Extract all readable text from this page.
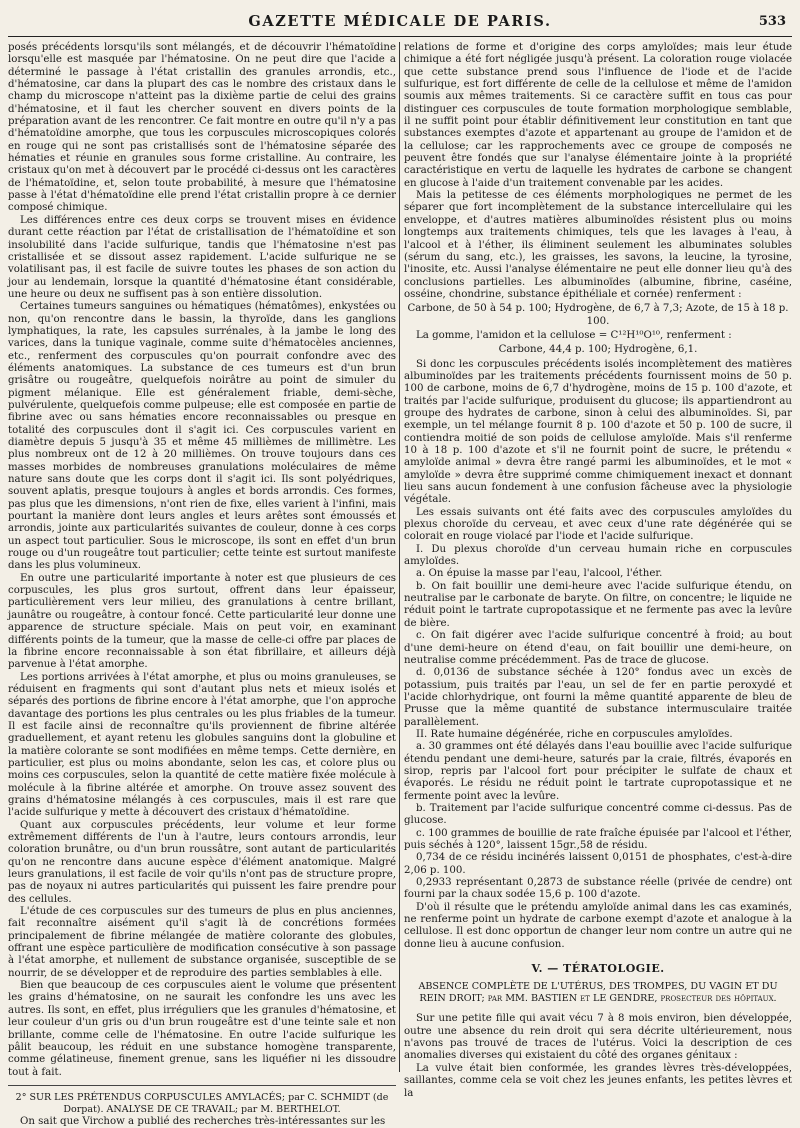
GAZETTE MÉDICALE DE PARIS.	533

posés précédents lorsqu'ils sont mélangés, et de découvrir l'hématoïdine lorsqu'elle est masquée par l'hématosine. On ne peut dire que l'acide a déterminé le passage à l'état cristallin des granules arrondis, etc., d'hématosine, car dans la plupart des cas le nombre des cristaux dans le champ du microscope n'atteint pas la dixième partie de celui des grains d'hématosine, et il faut les chercher souvent en divers points de la préparation avant de les rencontrer. Ce fait montre en outre qu'il n'y a pas d'hématoïdine amorphe, que tous les corpuscules microscopiques colorés en rouge qui ne sont pas cristallisés sont de l'hématosine séparée des hématies et réunie en granules sous forme cristalline. Au contraire, les cristaux qu'on met à découvert par le procédé ci-dessus ont les caractères de l'hématoïdine, et, selon toute probabilité, à mesure que l'hématosine passe à l'état d'hématoïdine elle prend l'état cristallin propre à ce dernier composé chimique.

Les différences entre ces deux corps se trouvent mises en évidence durant cette réaction par l'état de cristallisation de l'hématoïdine et son insolubilité dans l'acide sulfurique, tandis que l'hématosine n'est pas cristallisée et se dissout assez rapidement. L'acide sulfurique ne se volatilisant pas, il est facile de suivre toutes les phases de son action du jour au lendemain, lorsque la quantité d'hématosine étant considérable, une heure ou deux ne suffisent pas à son entière dissolution.

Certaines tumeurs sanguines ou hématiques (hématômes), enkystées ou non, qu'on rencontre dans le bassin, la thyroïde, dans les ganglions lymphatiques, la rate, les capsules surrénales, à la jambe le long des varices, dans la tunique vaginale, comme suite d'hématocèles anciennes, etc., renferment des corpuscules qu'on pourrait confondre avec des éléments anatomiques. La substance de ces tumeurs est d'un brun grisâtre ou rougeâtre, quelquefois noirâtre au point de simuler du pigment mélanique. Elle est généralement friable, demi-sèche, pulvérulente, quelquefois comme pulpeuse; elle est composée en partie de fibrine avec ou sans hématies encore reconnaissables ou presque en totalité des corpuscules dont il s'agit ici. Ces corpuscules varient en diamètre depuis 5 jusqu'à 35 et même 45 millièmes de millimètre. Les plus nombreux ont de 12 à 20 millièmes. On trouve toujours dans ces masses morbides de nombreuses granulations moléculaires de même nature sans doute que les corps dont il s'agit ici. Ils sont polyédriques, souvent aplatis, presque toujours à angles et bords arrondis. Ces formes, pas plus que les dimensions, n'ont rien de fixe, elles varient à l'infini, mais pourtant la manière dont leurs angles et leurs arêtes sont émoussés et arrondis, jointe aux particularités suivantes de couleur, donne à ces corps un aspect tout particulier. Sous le microscope, ils sont en effet d'un brun rouge ou d'un rougeâtre tout particulier; cette teinte est surtout manifeste dans les plus volumineux.

En outre une particularité importante à noter est que plusieurs de ces corpuscules, les plus gros surtout, offrent dans leur épaisseur, particulièrement vers leur milieu, des granulations à centre brillant, jaunâtre ou rougeâtre, à contour foncé. Cette particularité leur donne une apparence de structure spéciale. Mais on peut voir, en examinant différents points de la tumeur, que la masse de celle-ci offre par places de la fibrine encore reconnaissable à son état fibrillaire, et ailleurs déjà parvenue à l'état amorphe.

Les portions arrivées à l'état amorphe, et plus ou moins granuleuses, se réduisent en fragments qui sont d'autant plus nets et mieux isolés et séparés des portions de fibrine encore à l'état amorphe, que l'on approche davantage des portions les plus centrales ou les plus friables de la tumeur. Il est facile ainsi de reconnaître qu'ils proviennent de fibrine altérée graduellement, et ayant retenu les globules sanguins dont la globuline et la matière colorante se sont modifiées en même temps. Cette dernière, en particulier, est plus ou moins abondante, selon les cas, et colore plus ou moins ces corpuscules, selon la quantité de cette matière fixée molécule à molécule à la fibrine altérée et amorphe. On trouve assez souvent des grains d'hématosine mélangés à ces corpuscules, mais il est rare que l'acide sulfurique y mette à découvert des cristaux d'hématoïdine.

Quant aux corpuscules précédents, leur volume et leur forme extrêmement différents de l'un à l'autre, leurs contours arrondis, leur coloration brunâtre, ou d'un brun roussâtre, sont autant de particularités qu'on ne rencontre dans aucune espèce d'élément anatomique. Malgré leurs granulations, il est facile de voir qu'ils n'ont pas de structure propre, pas de noyaux ni autres particularités qui puissent les faire prendre pour des cellules.

L'étude de ces corpuscules sur des tumeurs de plus en plus anciennes, fait reconnaître aisément qu'il s'agit là de concrétions formées principalement de fibrine mélangée de matière colorante des globules, offrant une espèce particulière de modification consécutive à son passage à l'état amorphe, et nullement de substance organisée, susceptible de se nourrir, de se développer et de reproduire des parties semblables à elle.

Bien que beaucoup de ces corpuscules aient le volume que présentent les grains d'hématosine, on ne saurait les confondre les uns avec les autres. Ils sont, en effet, plus irréguliers que les granules d'hématosine, et leur couleur d'un gris ou d'un brun rougeâtre est d'une teinte sale et non brillante, comme celle de l'hématosine. En outre l'acide sulfurique les pâlit beaucoup, les réduit en une substance homogène transparente, comme gélatineuse, finement grenue, sans les liquéfier ni les dissoudre tout à fait.

2° SUR LES PRÉTENDUS CORPUSCULES AMYLACÉS; par C. SCHMIDT (de Dorpat). ANALYSE DE CE TRAVAIL; par M. BERTHELOT.

On sait que Virchow a publié des recherches très-intéressantes sur les

relations de forme et d'origine des corps amyloïdes; mais leur étude chimique a été fort négligée jusqu'à présent. La coloration rouge violacée que cette substance prend sous l'influence de l'iode et de l'acide sulfurique, est fort différente de celle de la cellulose et même de l'amidon soumis aux mêmes traitements. Si ce caractère suffit en tous cas pour distinguer ces corpuscules de toute formation morphologique semblable, il ne suffit point pour établir définitivement leur constitution en tant que substances exemptes d'azote et appartenant au groupe de l'amidon et de la cellulose; car les rapprochements avec ce groupe de composés ne peuvent être fondés que sur l'analyse élémentaire jointe à la propriété caractéristique en vertu de laquelle les hydrates de carbone se changent en glucose à l'aide d'un traitement convenable par les acides.

Mais la petitesse de ces éléments morphologiques ne permet de les séparer que fort incomplètement de la substance intercellulaire qui les enveloppe, et d'autres matières albuminoïdes résistent plus ou moins longtemps aux traitements chimiques, tels que les lavages à l'eau, à l'alcool et à l'éther, ils éliminent seulement les albuminates solubles (sérum du sang, etc.), les graisses, les savons, la leucine, la tyrosine, l'inosite, etc. Aussi l'analyse élémentaire ne peut elle donner lieu qu'à des conclusions partielles. Les albuminoïdes (albumine, fibrine, caséine, osséine, chondrine, substance épithéliale et cornée) renferment :

Carbone, de 50 à 54 p. 100; Hydrogène, de 6,7 à 7,3; Azote, de 15 à 18 p. 100.

La gomme, l'amidon et la cellulose = C¹²H¹⁰O¹⁰, renferment :

Carbone, 44,4 p. 100; Hydrogène, 6,1.

Si donc les corpuscules précédents isolés incomplètement des matières albuminoïdes par les traitements précédents fournissent moins de 50 p. 100 de carbone, moins de 6,7 d'hydrogène, moins de 15 p. 100 d'azote, et traités par l'acide sulfurique, produisent du glucose; ils appartiendront au groupe des hydrates de carbone, sinon à celui des albuminoïdes. Si, par exemple, un tel mélange fournit 8 p. 100 d'azote et 50 p. 100 de sucre, il contiendra moitié de son poids de cellulose amyloïde. Mais s'il renferme 10 à 18 p. 100 d'azote et s'il ne fournit point de sucre, le prétendu « amyloïde animal » devra être rangé parmi les albuminoïdes, et le mot « amyloïde » devra être supprimé comme chimiquement inexact et donnant lieu sans aucun fondement à une confusion fâcheuse avec la physiologie végétale.

Les essais suivants ont été faits avec des corpuscules amyloïdes du plexus choroïde du cerveau, et avec ceux d'une rate dégénérée qui se colorait en rouge violacé par l'iode et l'acide sulfurique.

I. Du plexus choroïde d'un cerveau humain riche en corpuscules amyloïdes.

a. On épuise la masse par l'eau, l'alcool, l'éther.

b. On fait bouillir une demi-heure avec l'acide sulfurique étendu, on neutralise par le carbonate de baryte. On filtre, on concentre; le liquide ne réduit point le tartrate cupropotassique et ne fermente pas avec la levûre de bière.

c. On fait digérer avec l'acide sulfurique concentré à froid; au bout d'une demi-heure on étend d'eau, on fait bouillir une demi-heure, on neutralise comme précédemment. Pas de trace de glucose.

d. 0,0136 de substance séchée à 120° fondus avec un excès de potassium, puis traités par l'eau, un sel de fer en partie peroxydé et l'acide chlorhydrique, ont fourni la même quantité apparente de bleu de Prusse que la même quantité de substance intermusculaire traitée parallèlement.

II. Rate humaine dégénérée, riche en corpuscules amyloïdes.

a. 30 grammes ont été délayés dans l'eau bouillie avec l'acide sulfurique étendu pendant une demi-heure, saturés par la craie, filtrés, évaporés en sirop, repris par l'alcool fort pour précipiter le sulfate de chaux et évaporés. Le résidu ne réduit point le tartrate cupropotassique et ne fermente point avec la levûre.

b. Traitement par l'acide sulfurique concentré comme ci-dessus. Pas de glucose.

c. 100 grammes de bouillie de rate fraîche épuisée par l'alcool et l'éther, puis séchés à 120°, laissent 15gr.,58 de résidu.

0,734 de ce résidu incinérés laissent 0,0151 de phosphates, c'est-à-dire 2,06 p. 100.

0,2933 représentant 0,2873 de substance réelle (privée de cendre) ont fourni par la chaux sodée 15,6 p. 100 d'azote.

D'où il résulte que le prétendu amyloïde animal dans les cas examinés, ne renferme point un hydrate de carbone exempt d'azote et analogue à la cellulose. Il est donc opportun de changer leur nom contre un autre qui ne donne lieu à aucune confusion.

V. — TÉRATOLOGIE.

ABSENCE COMPLÈTE DE L'UTÉRUS, DES TROMPES, DU VAGIN ET DU REIN DROIT; par MM. BASTIEN et LE GENDRE, prosecteur des hôpitaux.

Sur une petite fille qui avait vécu 7 à 8 mois environ, bien développée, outre une absence du rein droit qui sera décrite ultérieurement, nous n'avons pas trouvé de traces de l'utérus. Voici la description de ces anomalies diverses qui existaient du côté des organes génitaux :

La vulve était bien conformée, les grandes lèvres très-développées, saillantes, comme cela se voit chez les jeunes enfants, les petites lèvres et la
